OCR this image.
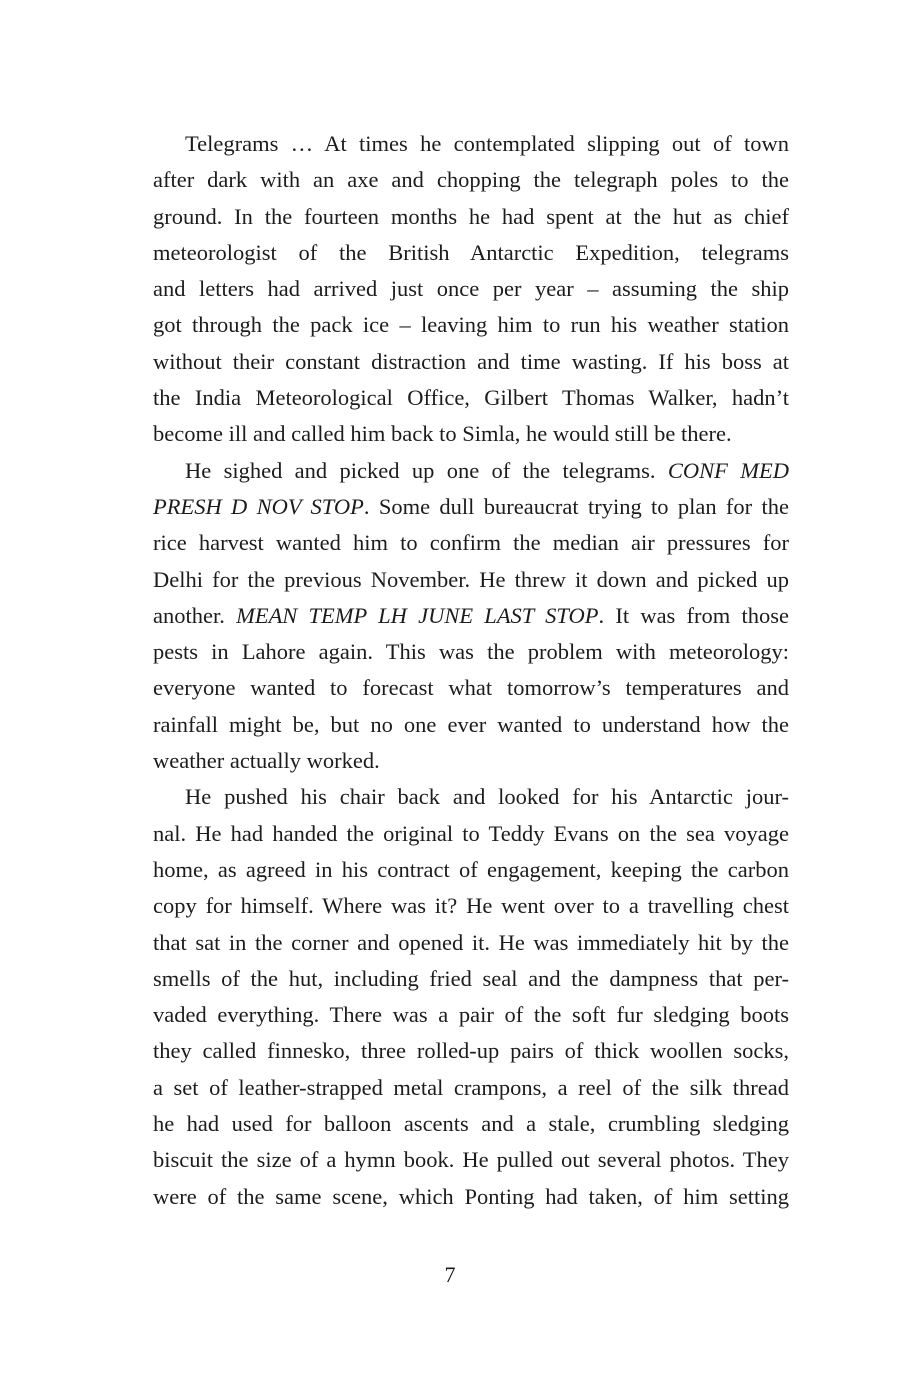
Telegrams … At times he contemplated slipping out of town
after dark with an axe and chopping the telegraph poles to the
ground. In the fourteen months he had spent at the hut as chief
meteorologist of the British Antarctic Expedition, telegrams
and letters had arrived just once per year – assuming the ship
got through the pack ice – leaving him to run his weather station
without their constant distraction and time wasting. If his boss at
the India Meteorological Office, Gilbert Thomas Walker, hadn’t
become ill and called him back to Simla, he would still be there.
He sighed and picked up one of the telegrams. CONF MED
PRESH D NOV STOP. Some dull bureaucrat trying to plan for the
rice harvest wanted him to confirm the median air pressures for
Delhi for the previous November. He threw it down and picked up
another. MEAN TEMP LH JUNE LAST STOP. It was from those
pests in Lahore again. This was the problem with meteorology:
everyone wanted to forecast what tomorrow’s temperatures and
rainfall might be, but no one ever wanted to understand how the
weather actually worked.
He pushed his chair back and looked for his Antarctic jour-
nal. He had handed the original to Teddy Evans on the sea voyage
home, as agreed in his contract of engagement, keeping the carbon
copy for himself. Where was it? He went over to a travelling chest
that sat in the corner and opened it. He was immediately hit by the
smells of the hut, including fried seal and the dampness that per-
vaded everything. There was a pair of the soft fur sledging boots
they called finnesko, three rolled-up pairs of thick woollen socks,
a set of leather-strapped metal crampons, a reel of the silk thread
he had used for balloon ascents and a stale, crumbling sledging
biscuit the size of a hymn book. He pulled out several photos. They
were of the same scene, which Ponting had taken, of him setting
7
